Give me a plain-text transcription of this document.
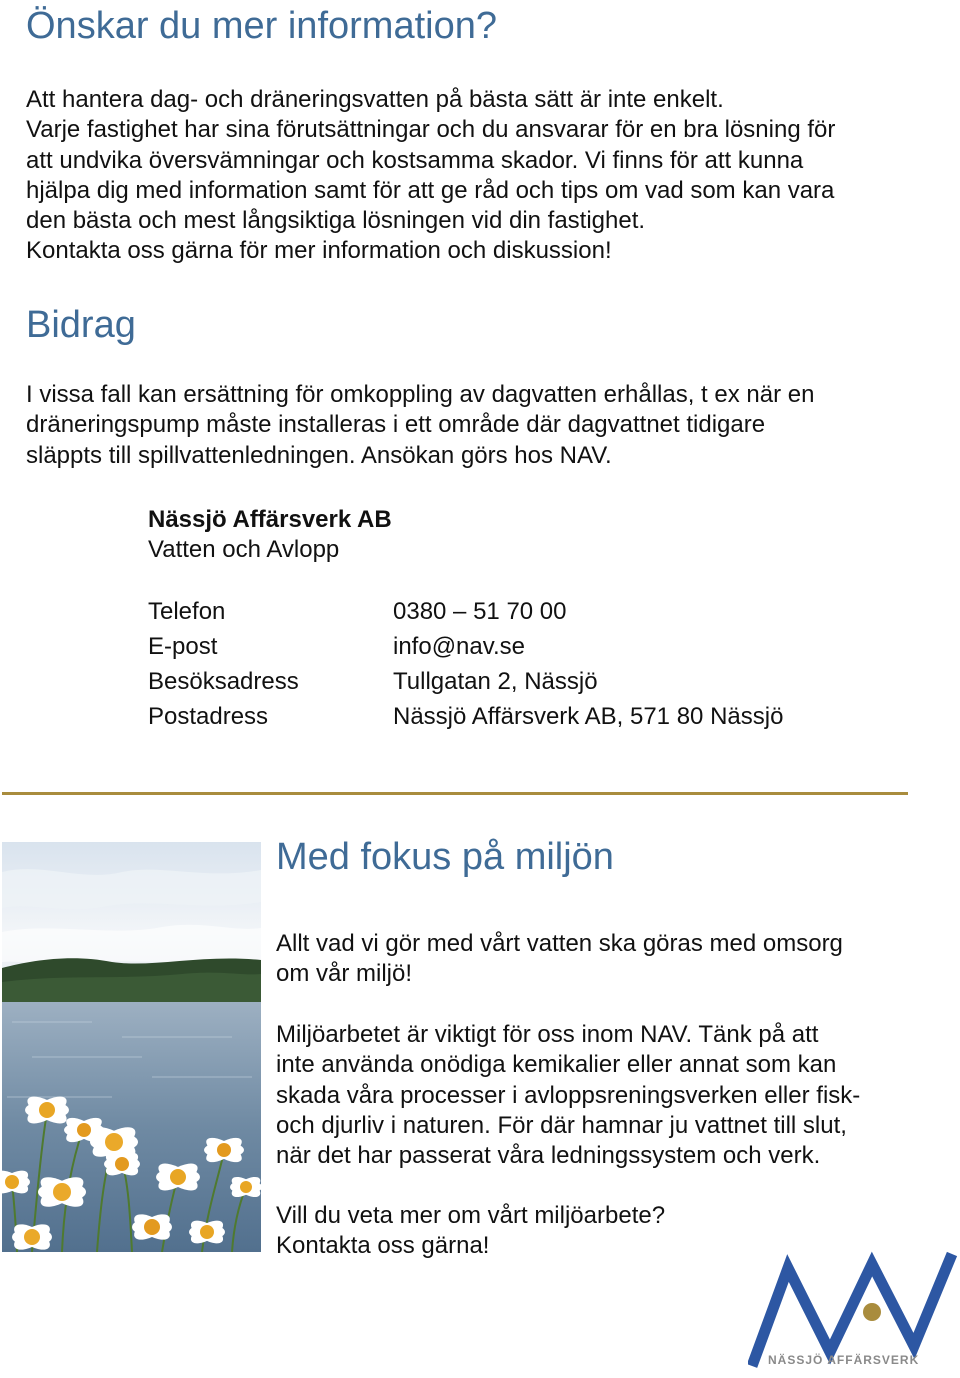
Önskar du mer information?

Att hantera dag- och dräneringsvatten på bästa sätt är inte enkelt.
Varje fastighet har sina förutsättningar och du ansvarar för en bra lösning för
att undvika översvämningar och kostsamma skador. Vi finns för att kunna
hjälpa dig med information samt för att ge råd och tips om vad som kan vara
den bästa och mest långsiktiga lösningen vid din fastighet.
Kontakta oss gärna för mer information och diskussion!

Bidrag

I vissa fall kan ersättning för omkoppling av dagvatten erhållas, t ex när en
dräneringspump måste installeras i ett område där dagvattnet tidigare
släppts till spillvattenledningen. Ansökan görs hos NAV.

Nässjö Affärsverk AB
Vatten och Avlopp
Telefon	0380 – 51 70 00
E-post	info@nav.se
Besöksadress	Tullgatan 2, Nässjö
Postadress	Nässjö Affärsverk AB, 571 80 Nässjö
Med fokus på miljön
Allt vad vi gör med vårt vatten ska göras med omsorg
om vår miljö!
Miljöarbetet är viktigt för oss inom NAV. Tänk på att
inte använda onödiga kemikalier eller annat som kan
skada våra processer i avloppsreningsverken eller fisk-
och djurliv i naturen. För där hamnar ju vattnet till slut,
när det har passerat våra ledningssystem och verk.
Vill du veta mer om vårt miljöarbete?
Kontakta oss gärna!
NÄSSJÖ AFFÄRSVERK
